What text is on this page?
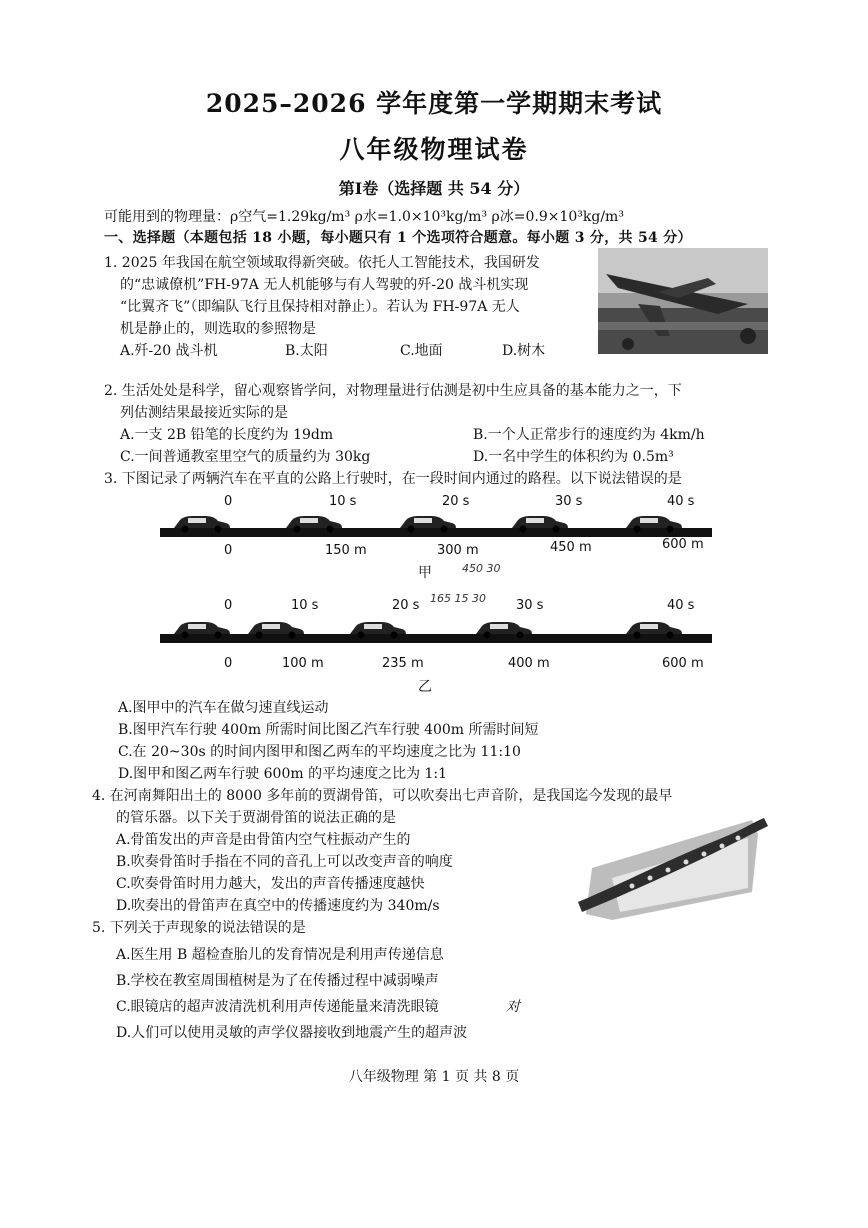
2025–2026 学年度第一学期期末考试
八年级物理试卷
第Ⅰ卷（选择题 共 54 分）
可能用到的物理量：ρ空气=1.29kg/m³ ρ水=1.0×10³kg/m³ ρ冰=0.9×10³kg/m³
一、选择题（本题包括 18 小题，每小题只有 1 个选项符合题意。每小题 3 分，共 54 分）
1. 2025 年我国在航空领域取得新突破。依托人工智能技术，我国研发
的“忠诚僚机”FH-97A 无人机能够与有人驾驶的歼-20 战斗机实现
“比翼齐飞”（即编队飞行且保持相对静止）。若认为 FH-97A 无人
机是静止的，则选取的参照物是
A.歼-20 战斗机	B.太阳	C.地面	D.树木
2. 生活处处是科学，留心观察皆学问，对物理量进行估测是初中生应具备的基本能力之一，下
列估测结果最接近实际的是
A.一支 2B 铅笔的长度约为 19dm	B.一个人正常步行的速度约为 4km/h
C.一间普通教室里空气的质量约为 30kg	D.一名中学生的体积约为 0.5m³
3. 下图记录了两辆汽车在平直的公路上行驶时，在一段时间内通过的路程。以下说法错误的是
0	10 s	20 s	30 s	40 s
0	150 m	300 m	450 m	600 m
甲	450 30
0	10 s	20 s 165 15 30 30 s	40 s
0	100 m	235 m	400 m	600 m
乙
A.图甲中的汽车在做匀速直线运动
B.图甲汽车行驶 400m 所需时间比图乙汽车行驶 400m 所需时间短
C.在 20~30s 的时间内图甲和图乙两车的平均速度之比为 11:10
D.图甲和图乙两车行驶 600m 的平均速度之比为 1:1
4. 在河南舞阳出土的 8000 多年前的贾湖骨笛，可以吹奏出七声音阶，是我国迄今发现的最早
的管乐器。以下关于贾湖骨笛的说法正确的是
A.骨笛发出的声音是由骨笛内空气柱振动产生的
B.吹奏骨笛时手指在不同的音孔上可以改变声音的响度
C.吹奏骨笛时用力越大，发出的声音传播速度越快
D.吹奏出的骨笛声在真空中的传播速度约为 340m/s
5. 下列关于声现象的说法错误的是
A.医生用 B 超检查胎儿的发育情况是利用声传递信息
B.学校在教室周围植树是为了在传播过程中减弱噪声
C.眼镜店的超声波清洗机利用声传递能量来清洗眼镜	对
D.人们可以使用灵敏的声学仪器接收到地震产生的超声波
八年级物理 第 1 页 共 8 页
